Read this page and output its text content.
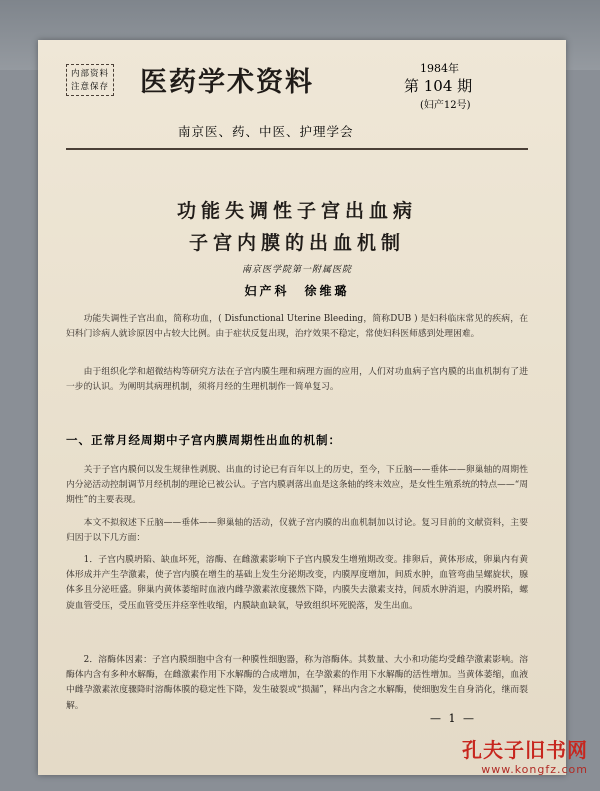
内部资料
注意保存 医药学术资料	1984年
第 104 期
(妇产12号)
南京医、药、中医、护理学会
功能失调性子宫出血病
子宫内膜的出血机制
南京医学院第一附属医院
妇产科　徐维璐
功能失调性子宫出血，简称功血，( Disfunctional Uterine Bleeding，简称DUB ) 是妇科临床常见的疾病，在妇科门诊病人就诊原因中占较大比例。由于症状反复出现，治疗效果不稳定，常使妇科医师感到处理困难。
由于组织化学和超微结构等研究方法在子宫内膜生理和病理方面的应用，人们对功血病子宫内膜的出血机制有了进一步的认识。为阐明其病理机制，须将月经的生理机制作一简单复习。
一、正常月经周期中子宫内膜周期性出血的机制：
关于子宫内膜何以发生规律性剥脱、出血的讨论已有百年以上的历史，至今，下丘脑——垂体——卵巢轴的周期性内分泌活动控制调节月经机制的理论已被公认。子宫内膜剥落出血是这条轴的终末效应，是女性生殖系统的特点——“周期性”的主要表现。
本文不拟叙述下丘脑——垂体——卵巢轴的活动，仅就子宫内膜的出血机制加以讨论。复习目前的文献资料，主要归因于以下几方面：
1．子宫内膜坍陷、缺血坏死，溶酶、在雌激素影响下子宫内膜发生增殖期改变。排卵后，黄体形成，卵巢内有黄体形成并产生孕激素，使子宫内膜在增生的基础上发生分泌期改变，内膜厚度增加，间质水肿，血管弯曲呈螺旋状，腺体多且分泌旺盛。卵巢内黄体萎缩时血液内雌孕激素浓度骤然下降，内膜失去激素支持，间质水肿消退，内膜坍陷，螺旋血管受压，受压血管受压并痉挛性收缩，内膜缺血缺氧，导致组织坏死脱落，发生出血。
2．溶酶体因素：子宫内膜细胞中含有一种膜性细胞器，称为溶酶体。其数量、大小和功能均受雌孕激素影响。溶酶体内含有多种水解酶，在雌激素作用下水解酶的合成增加，在孕激素的作用下水解酶的活性增加。当黄体萎缩，血液中雌孕激素浓度骤降时溶酶体膜的稳定性下降，发生破裂或“损漏”，释出内含之水解酶，使细胞发生自身消化，继而裂解。
— 1 —
孔夫子旧书网
www.kongfz.com
